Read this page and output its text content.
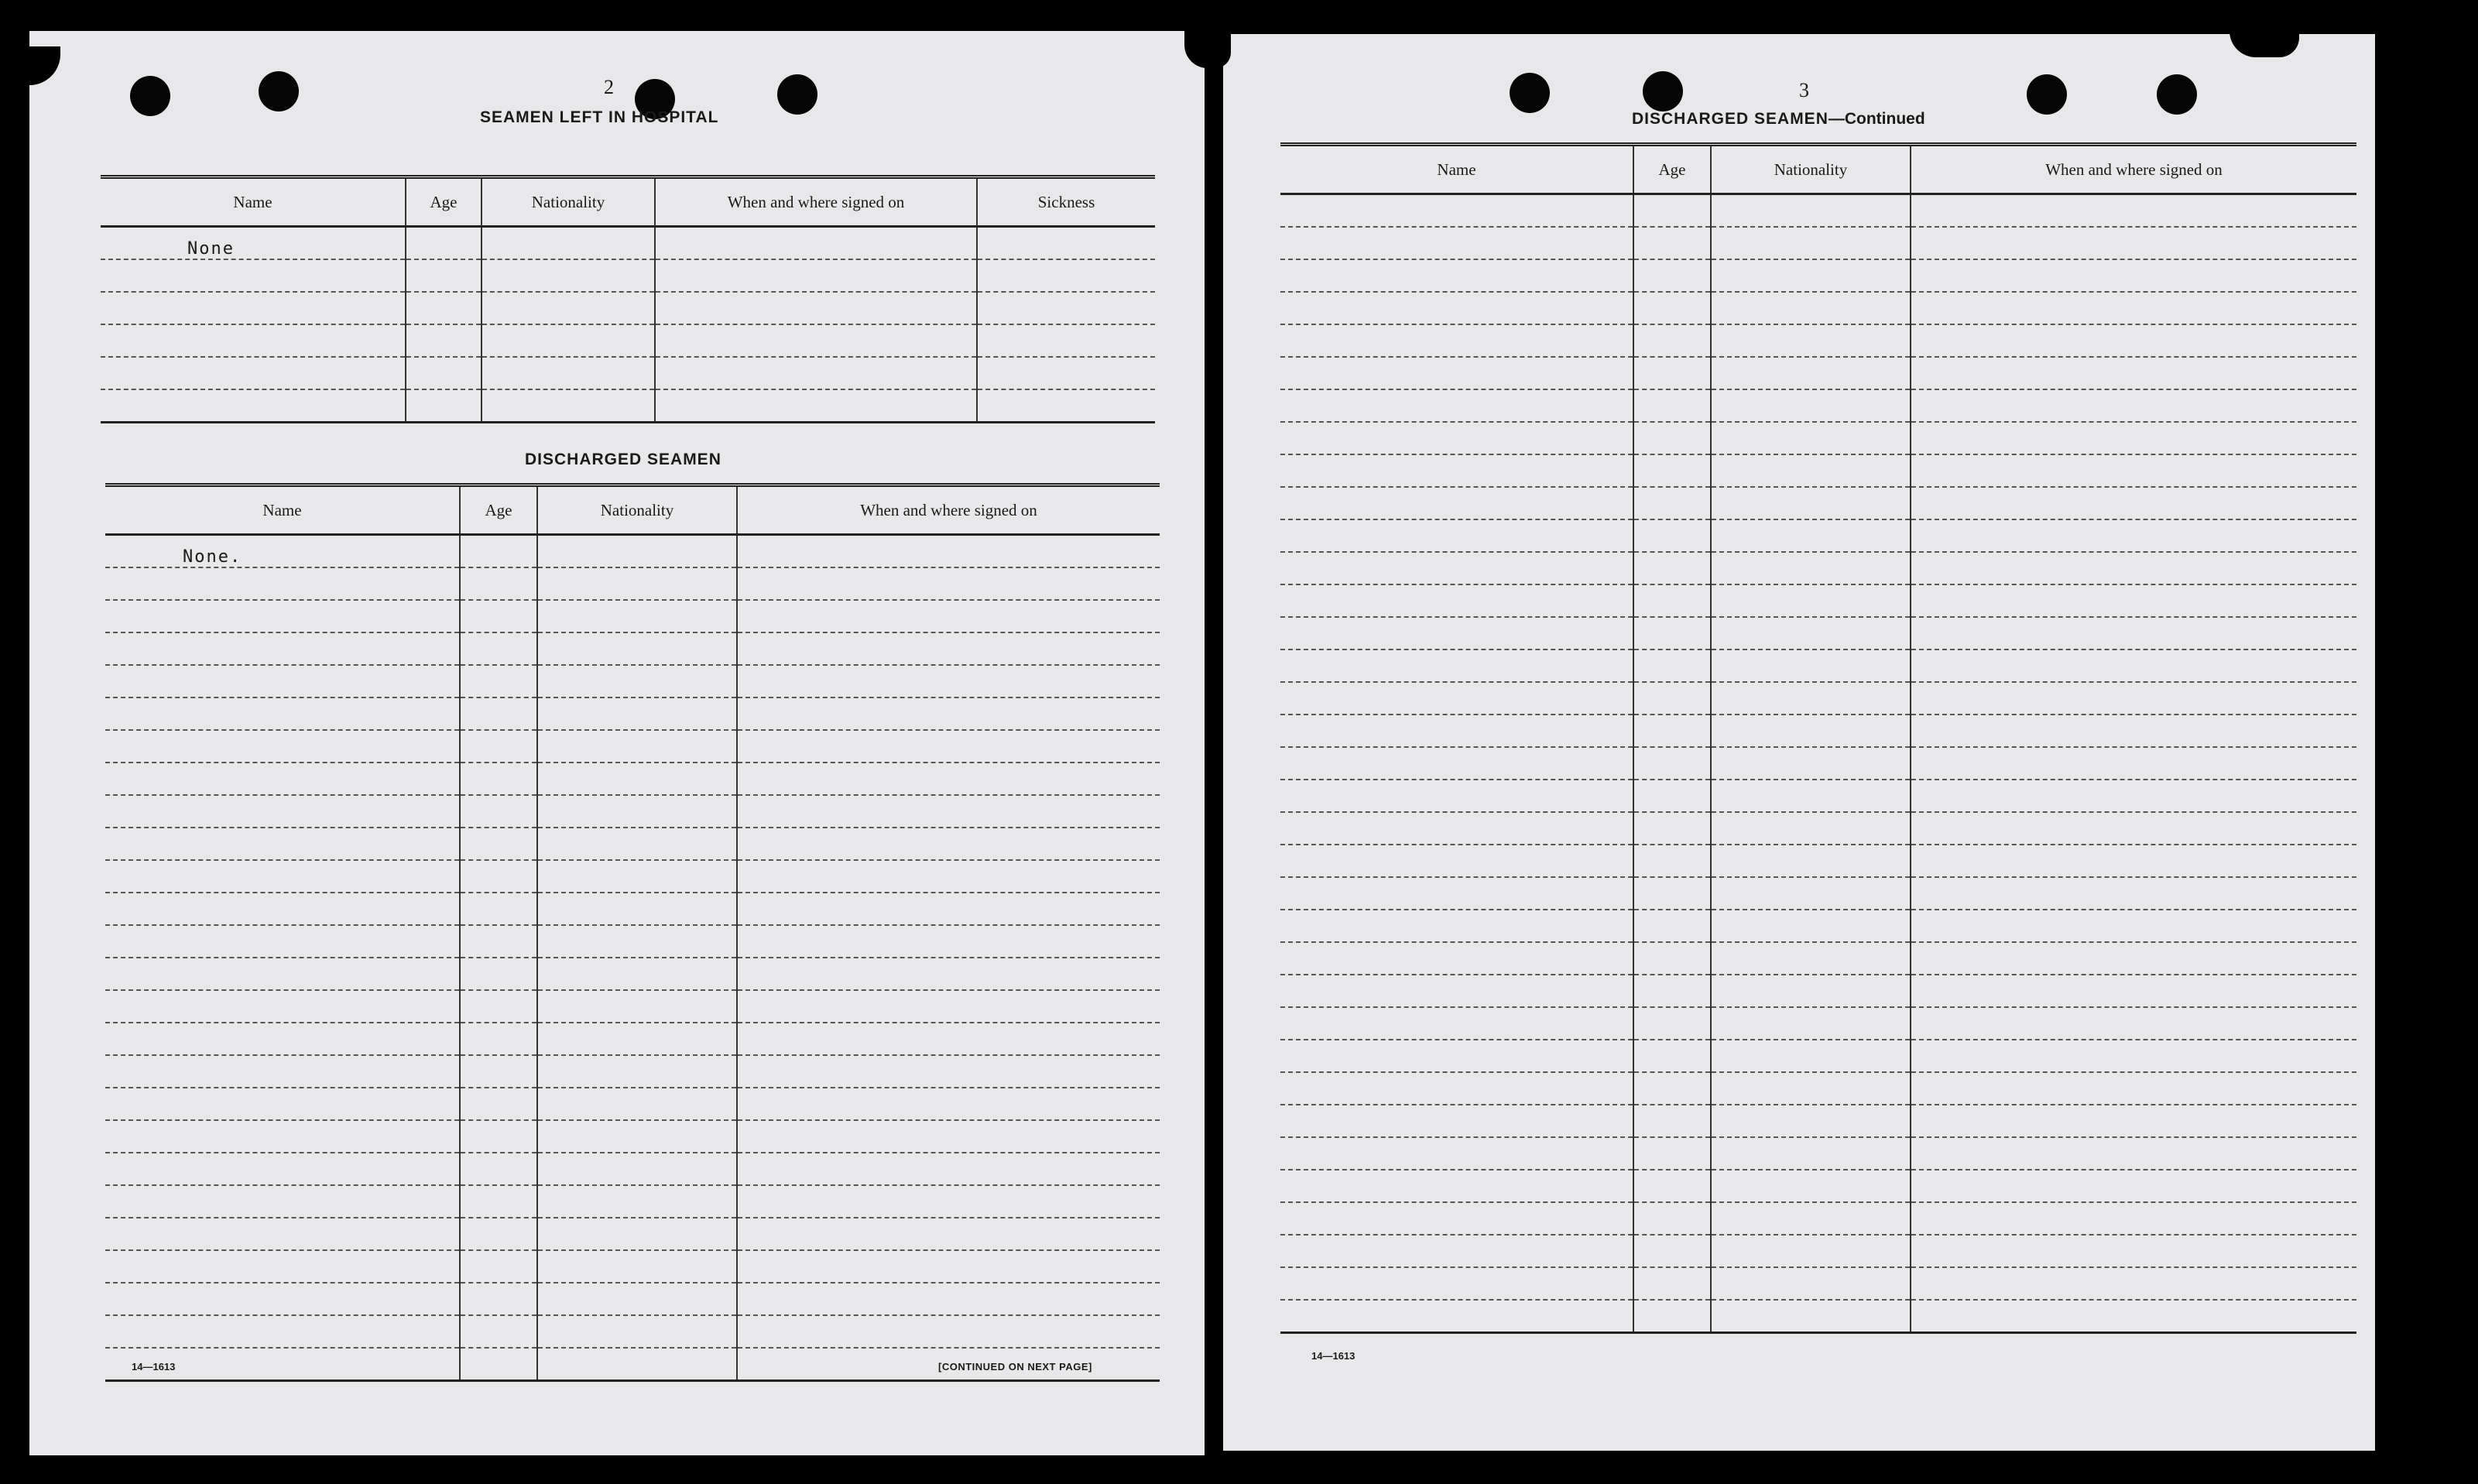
2
SEAMEN LEFT IN HOSPITAL
Name	Age	Nationality	When and where signed on	Sickness
None				

DISCHARGED SEAMEN
Name	Age	Nationality	When and where signed on
None.			

14—1613	[CONTINUED ON NEXT PAGE]
3
DISCHARGED SEAMEN—Continued
Name	Age	Nationality	When and where signed on

14—1613
